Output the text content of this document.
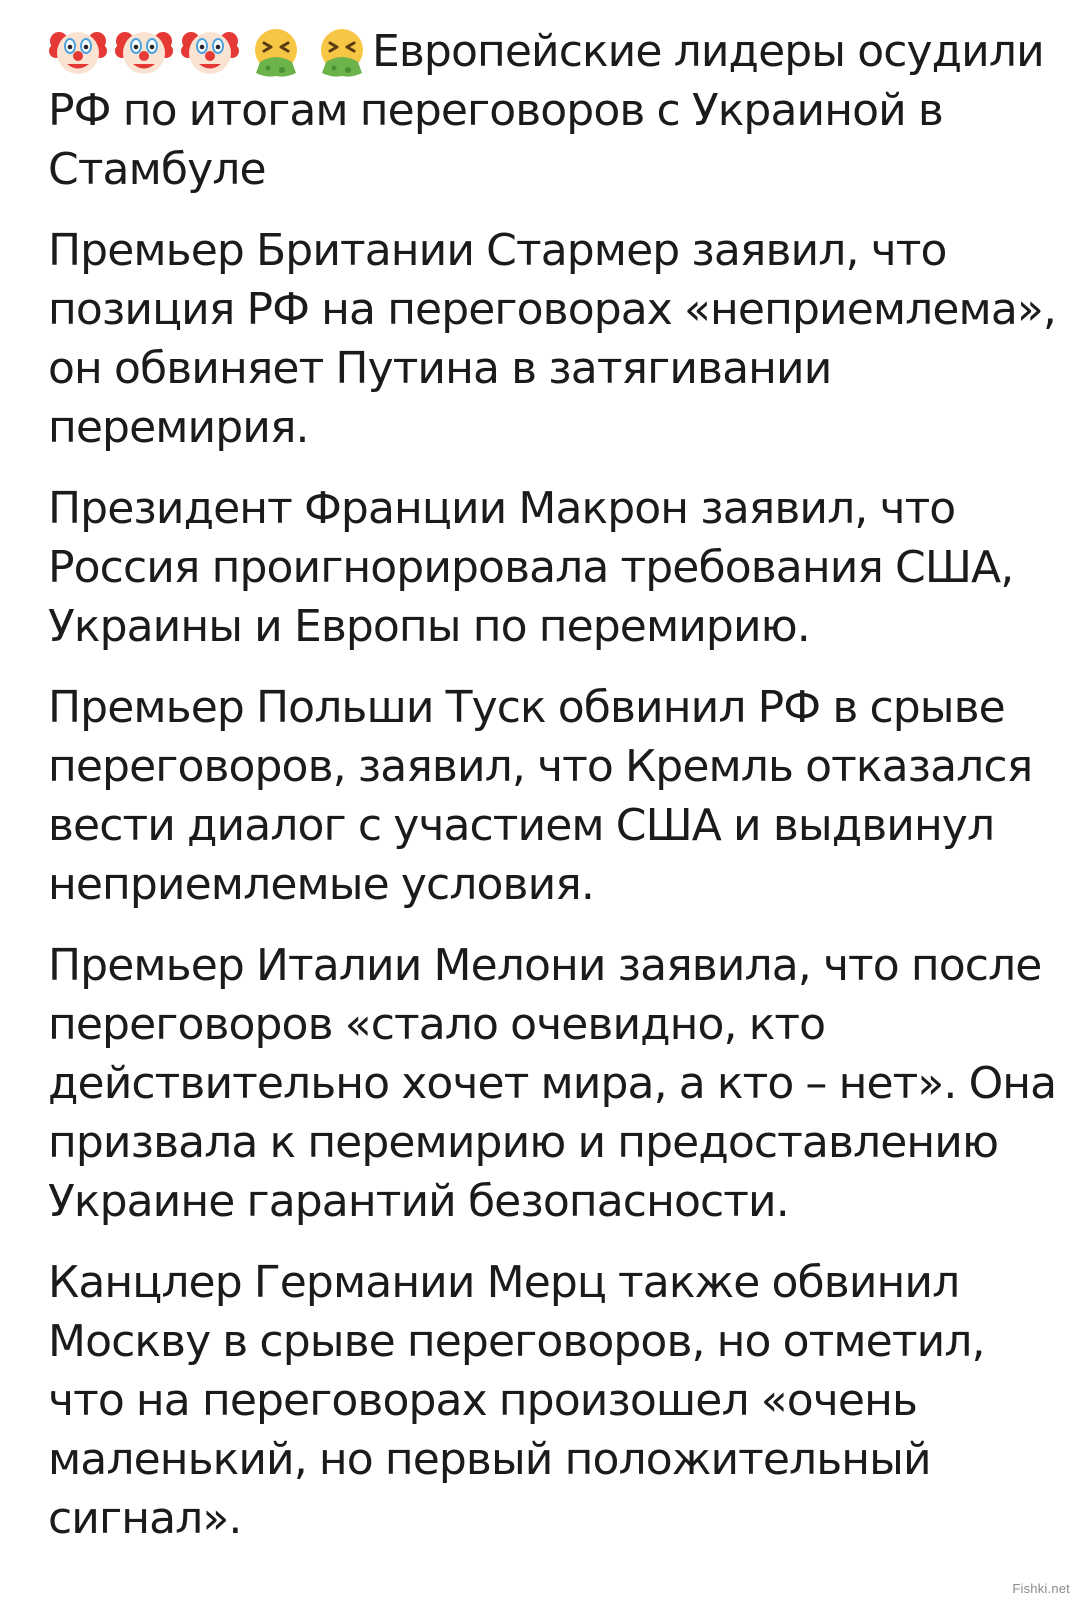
Европейские лидеры осудили РФ по итогам переговоров с Украиной в Стамбуле

Премьер Британии Стармер заявил, что позиция РФ на переговорах «неприемлема», он обвиняет Путина в затягивании перемирия.

Президент Франции Макрон заявил, что Россия проигнорировала требования США, Украины и Европы по перемирию.

Премьер Польши Туск обвинил РФ в срыве переговоров, заявил, что Кремль отказался вести диалог с участием США и выдвинул неприемлемые условия.

Премьер Италии Мелони заявила, что после переговоров «стало очевидно, кто действительно хочет мира, а кто – нет». Она призвала к перемирию и предоставлению Украине гарантий безопасности.

Канцлер Германии Мерц также обвинил Москву в срыве переговоров, но отметил, что на переговорах произошел «очень маленький, но первый положительный сигнал».

Fishki.net
